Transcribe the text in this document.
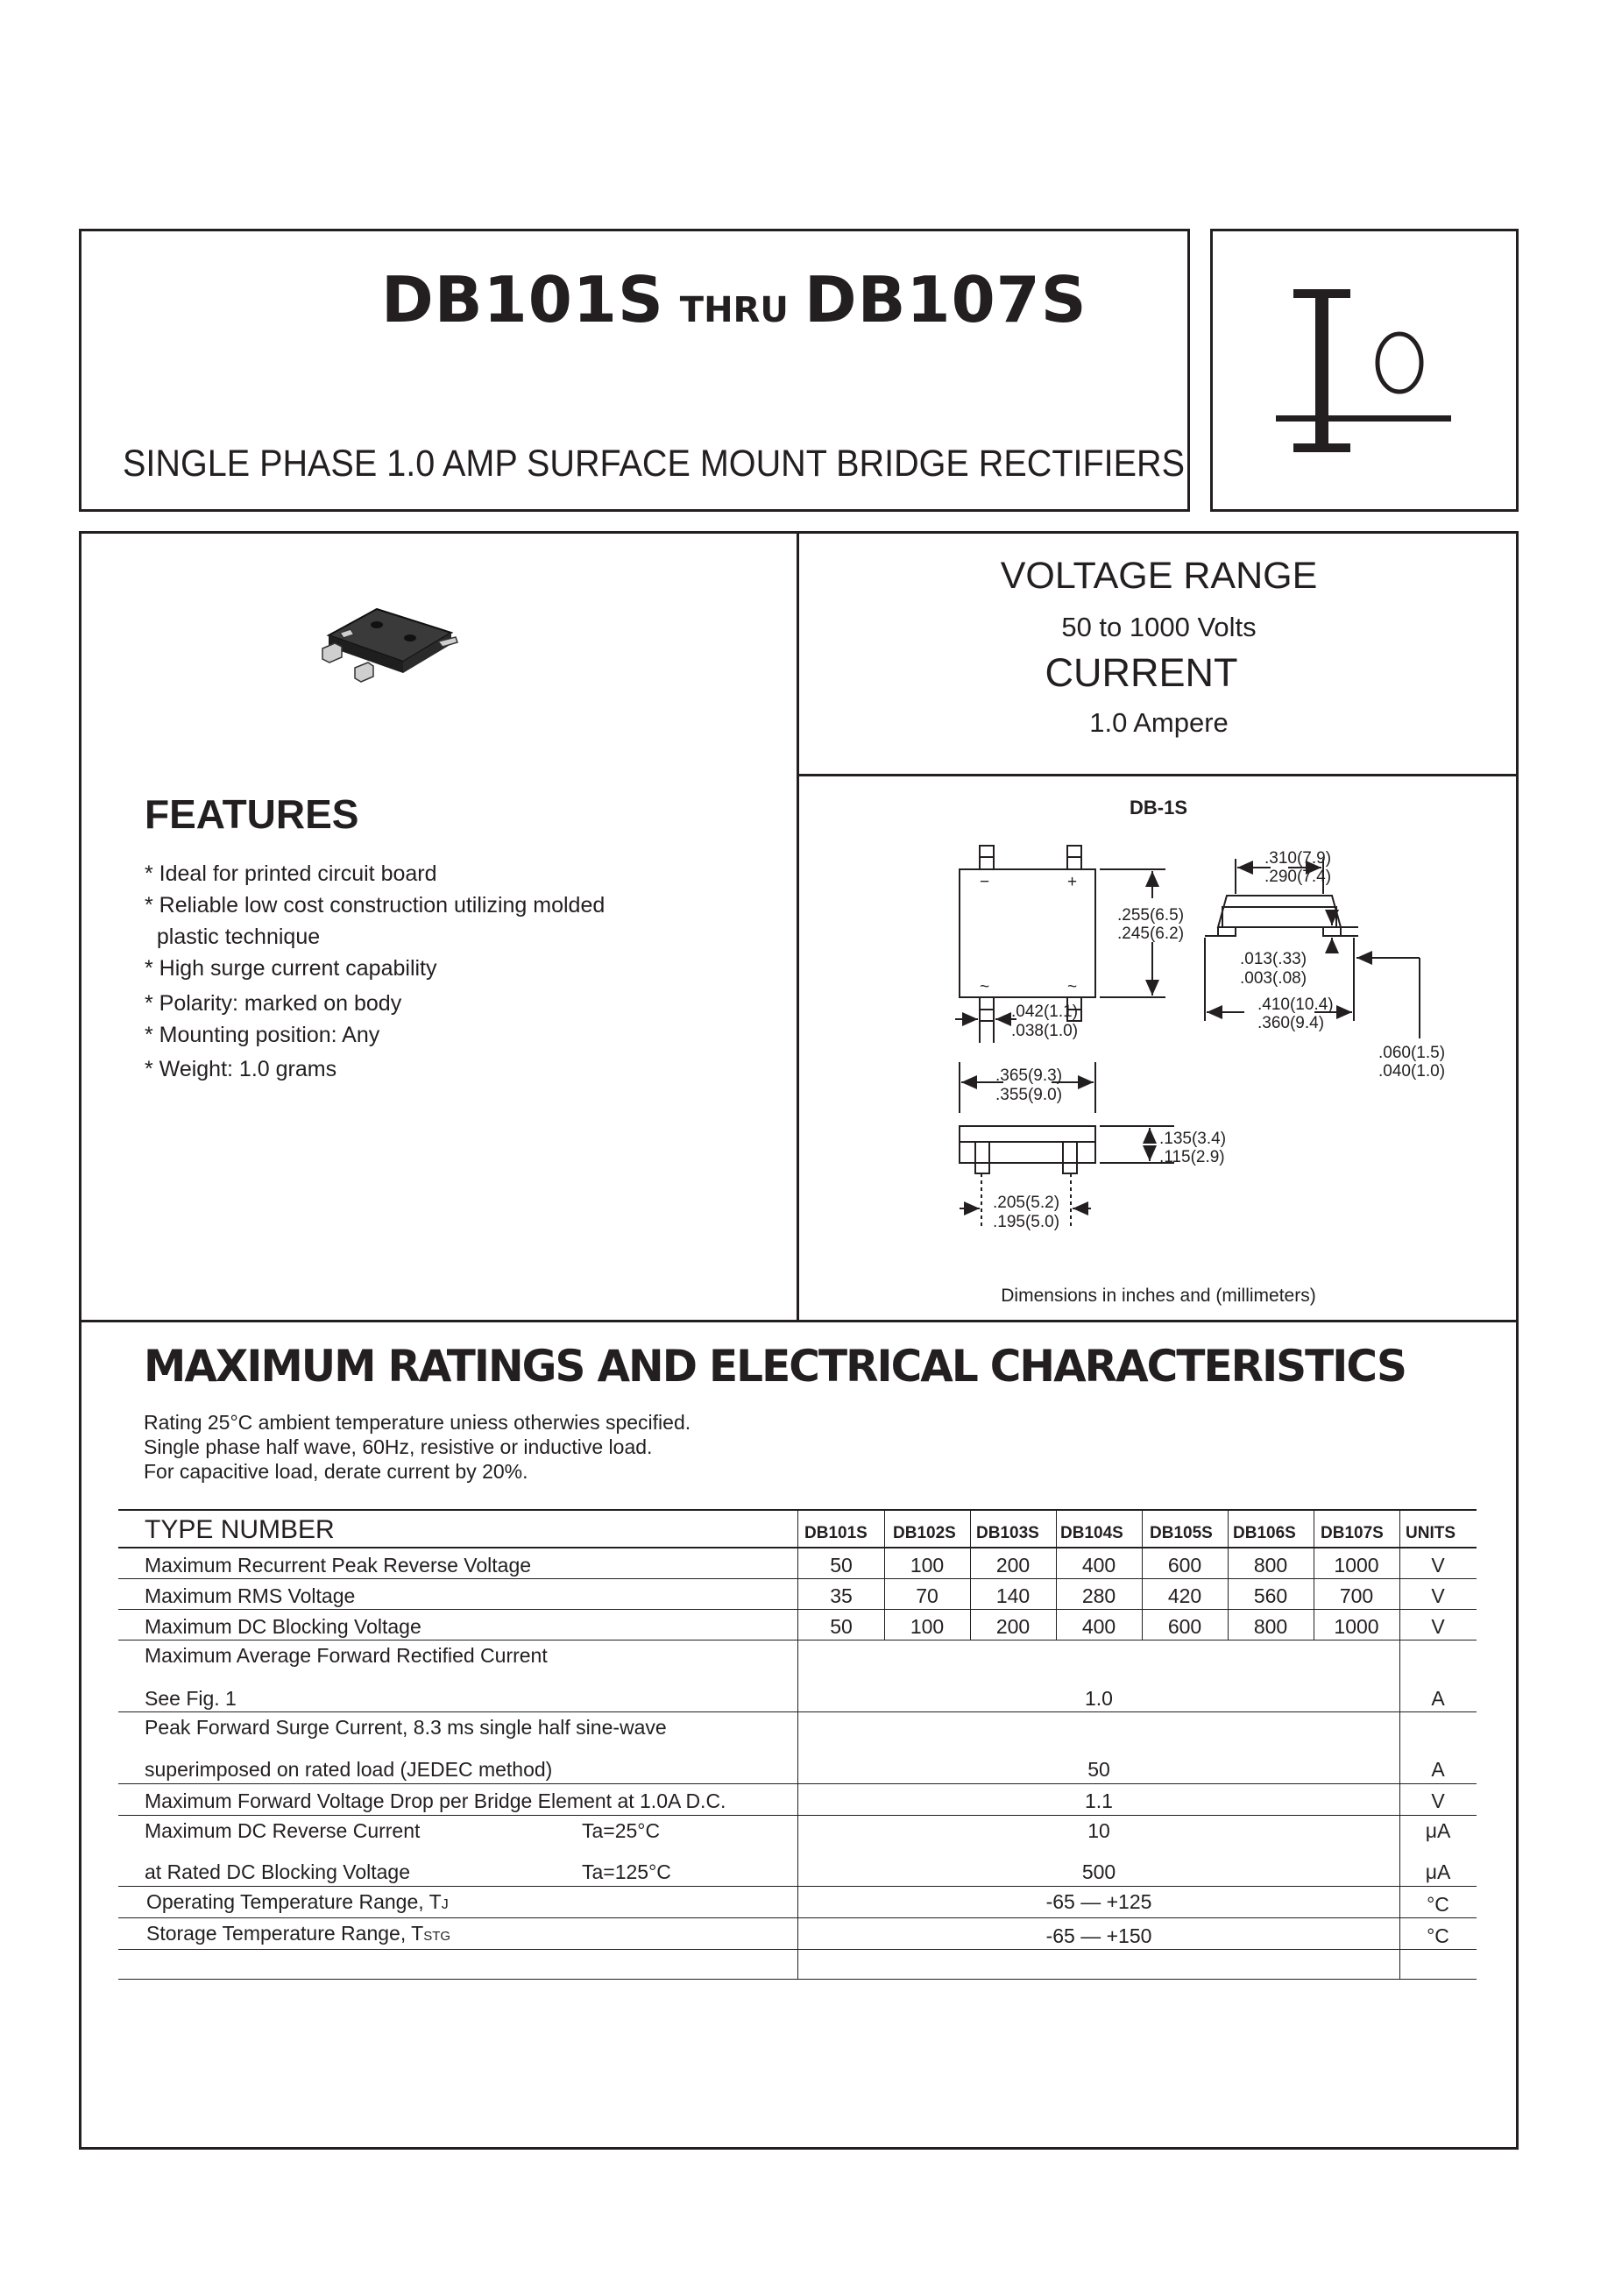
DB101S THRU DB107S
SINGLE PHASE 1.0 AMP SURFACE MOUNT BRIDGE RECTIFIERS
VOLTAGE RANGE
50 to 1000 Volts
CURRENT
1.0 Ampere
FEATURES
* Ideal for printed circuit board
* Reliable low cost construction utilizing molded
plastic technique
* High surge current capability
* Polarity: marked on body
* Mounting position: Any
* Weight: 1.0 grams
DB-1S
−	+
~	~
.255(6.5)
.245(6.2)
.042(1.1)
.038(1.0)
.365(9.3)
.355(9.0)
.135(3.4)
.115(2.9)
.205(5.2)
.195(5.0)
.310(7.9)
.290(7.4)
.013(.33)
.003(.08)
.410(10.4)
.360(9.4)
.060(1.5)
.040(1.0)
Dimensions in inches and (millimeters)
MAXIMUM RATINGS AND ELECTRICAL CHARACTERISTICS
Rating 25°C ambient temperature uniess otherwies specified.
Single phase half wave, 60Hz, resistive or inductive load.
For capacitive load, derate current by 20%.
TYPE NUMBER	DB101S DB102S DB103S DB104S DB105S DB106S DB107S UNITS
Maximum Recurrent Peak Reverse Voltage	50	100	200	400	600	800	1000	V
Maximum RMS Voltage	35	70	140	280	420	560	700	V
Maximum DC Blocking Voltage	50	100	200	400	600	800	1000	V
Maximum Average Forward Rectified Current
See Fig. 1	1.0	A
Peak Forward Surge Current, 8.3 ms single half sine-wave
superimposed on rated load (JEDEC method)	50	A
Maximum Forward Voltage Drop per Bridge Element at 1.0A D.C.	1.1	V
Maximum DC Reverse Current	Ta=25°C	10	μA
at Rated DC Blocking Voltage	Ta=125°C	500	μA
Operating Temperature Range, TJ	-65 — +125	°C
Storage Temperature Range, TSTG	-65 — +150	°C
